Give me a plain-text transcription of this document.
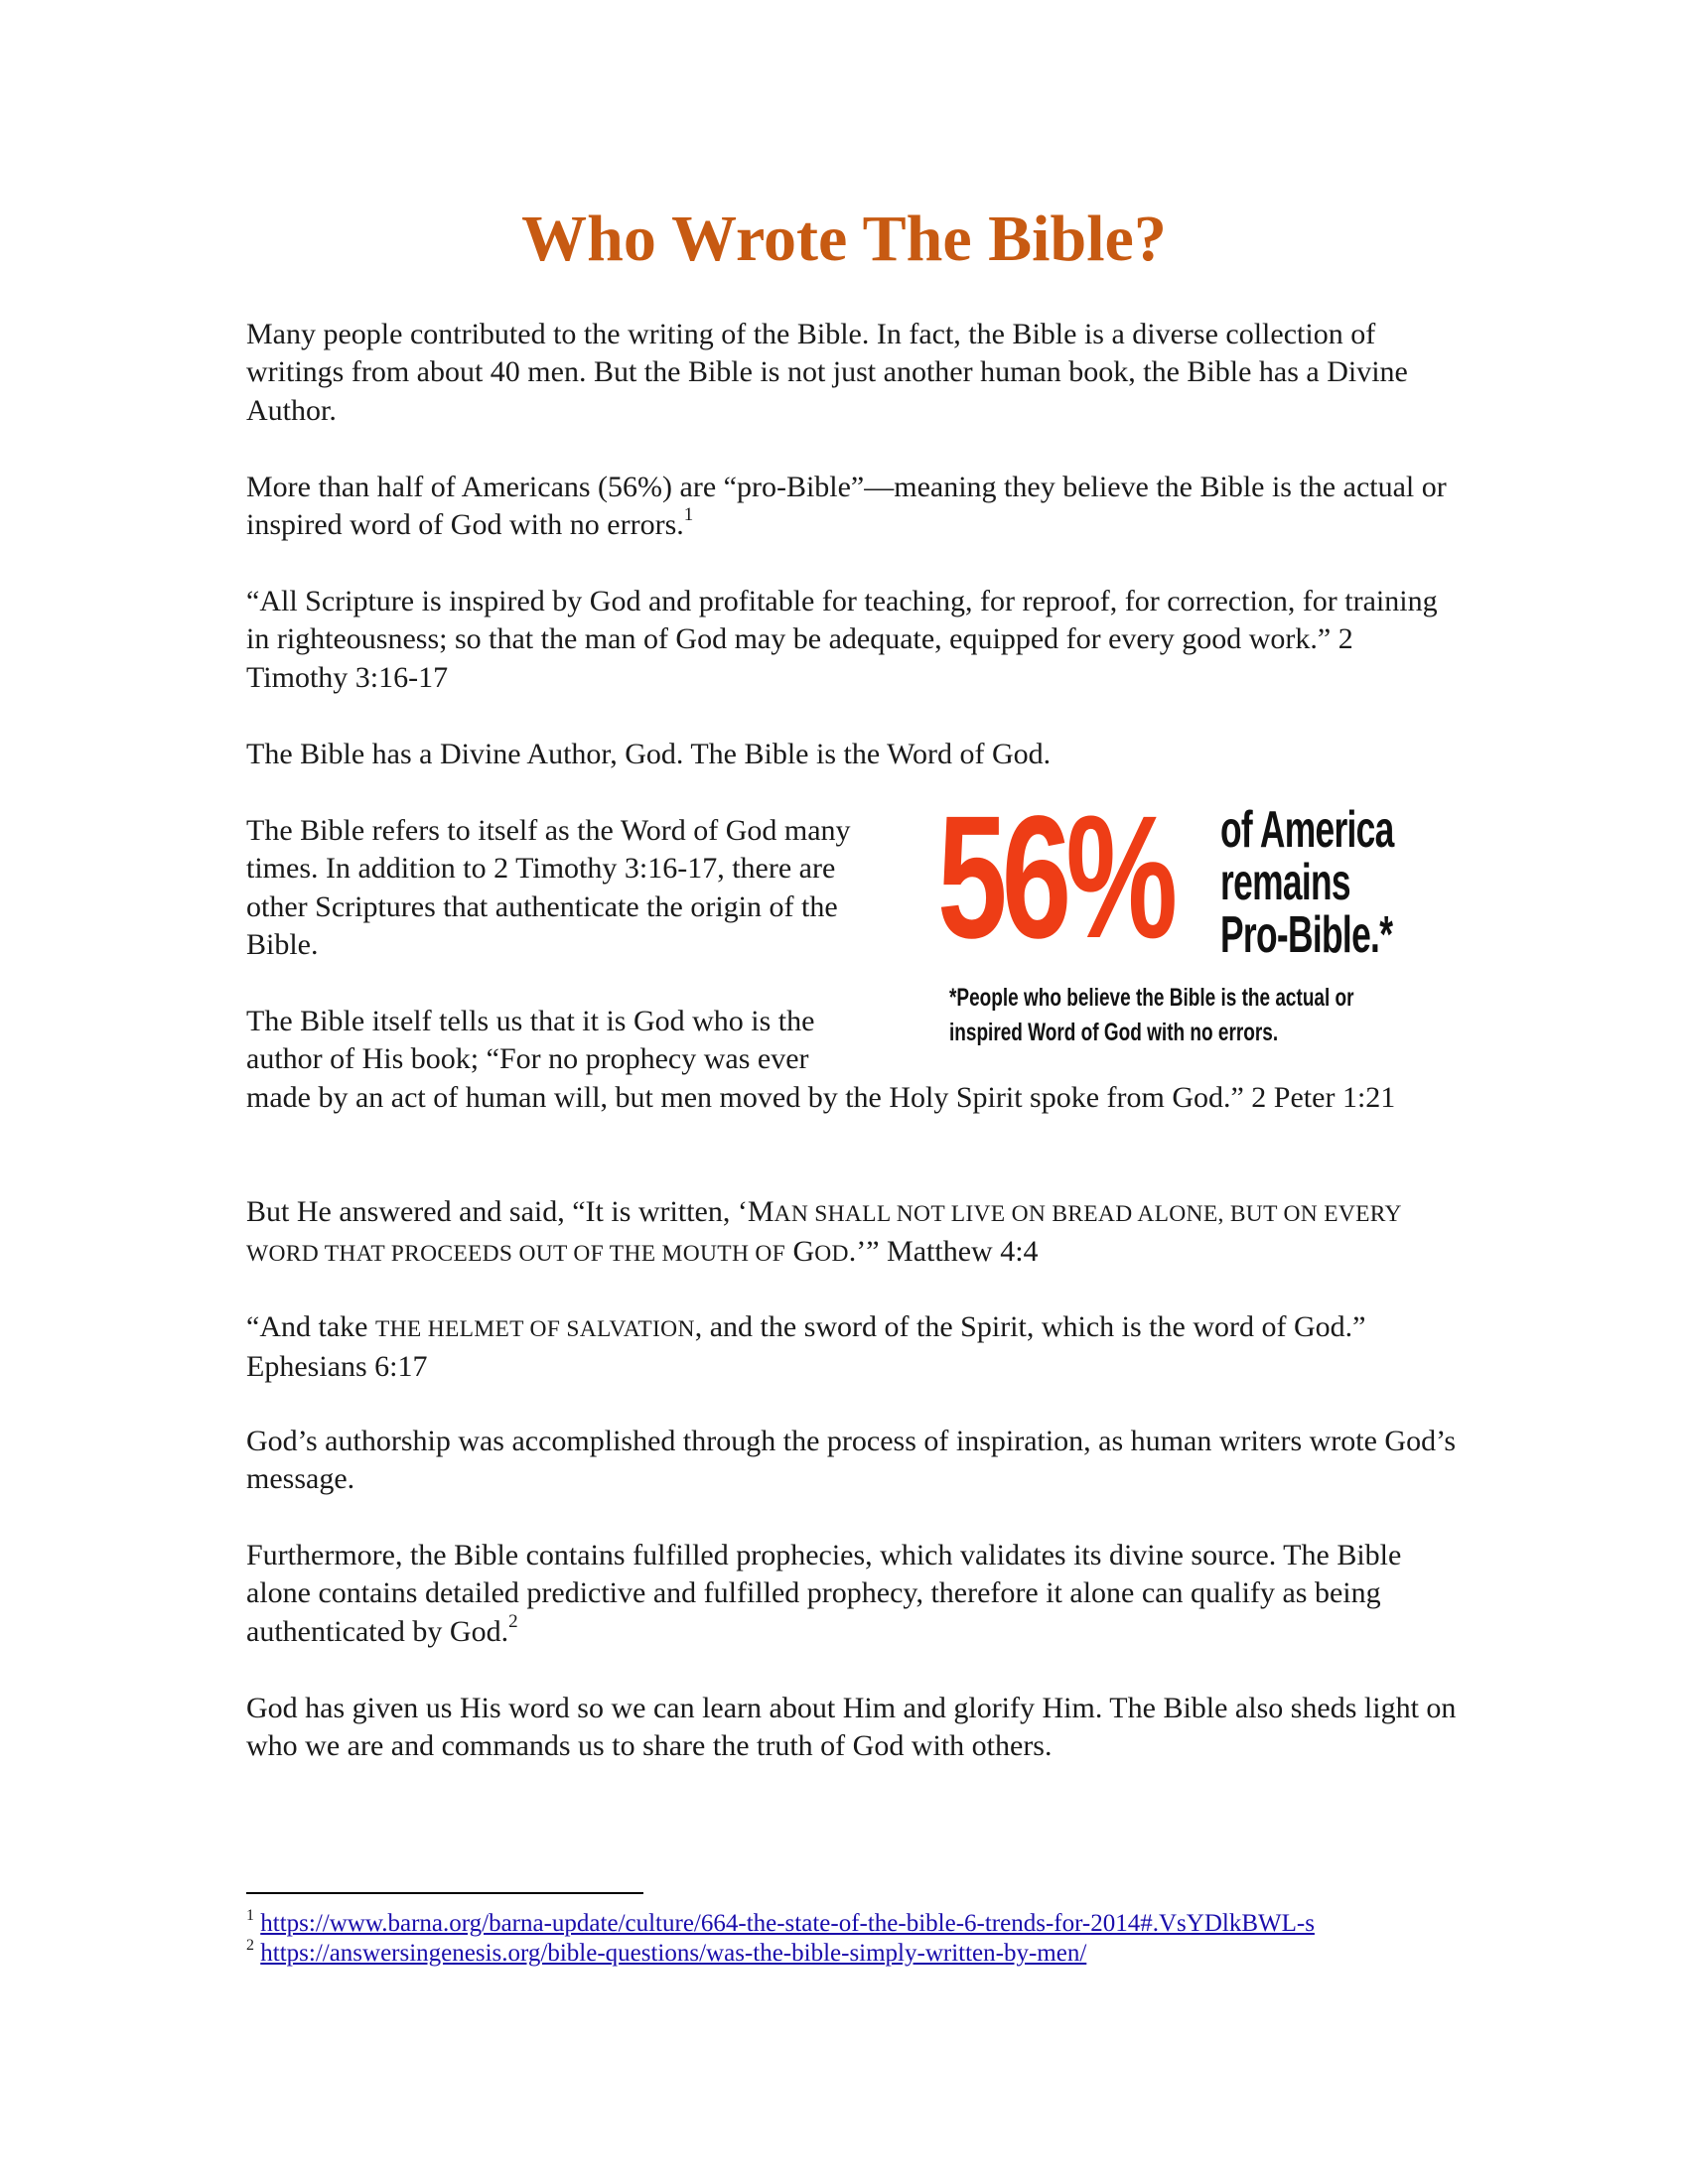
Who Wrote The Bible?

Many people contributed to the writing of the Bible. In fact, the Bible is a diverse collection of writings from about 40 men. But the Bible is not just another human book, the Bible has a Divine Author.

More than half of Americans (56%) are “pro-Bible”—meaning they believe the Bible is the actual or inspired word of God with no errors.$^1$

“All Scripture is inspired by God and profitable for teaching, for reproof, for correction, for training in righteousness; so that the man of God may be adequate, equipped for every good work.” 2 Timothy 3:16-17

The Bible has a Divine Author, God. The Bible is the Word of God.

The Bible refers to itself as the Word of God many times. In addition to 2 Timothy 3:16-17, there are other Scriptures that authenticate the origin of the Bible.

The Bible itself tells us that it is God who is the
author of His book; “For no prophecy was ever
made by an act of human will, but men moved by the Holy Spirit spoke from God.” 2 Peter 1:21

But He answered and said, “It is written, ‘MAN SHALL NOT LIVE ON BREAD ALONE, BUT ON EVERY WORD THAT PROCEEDS OUT OF THE MOUTH OF GOD.’” Matthew 4:4

“And take THE HELMET OF SALVATION, and the sword of the Spirit, which is the word of God.” Ephesians 6:17

God’s authorship was accomplished through the process of inspiration, as human writers wrote God’s message.

Furthermore, the Bible contains fulfilled prophecies, which validates its divine source. The Bible alone contains detailed predictive and fulfilled prophecy, therefore it alone can qualify as being authenticated by God.$^2$

God has given us His word so we can learn about Him and glorify Him. The Bible also sheds light on who we are and commands us to share the truth of God with others.

56% of America
remains
Pro-Bible.*
*People who believe the Bible is the actual or inspired Word of God with no errors.
$^1$ https://www.barna.org/barna-update/culture/664-the-state-of-the-bible-6-trends-for-2014#.VsYDlkBWL-s
$^2$ https://answersingenesis.org/bible-questions/was-the-bible-simply-written-by-men/
